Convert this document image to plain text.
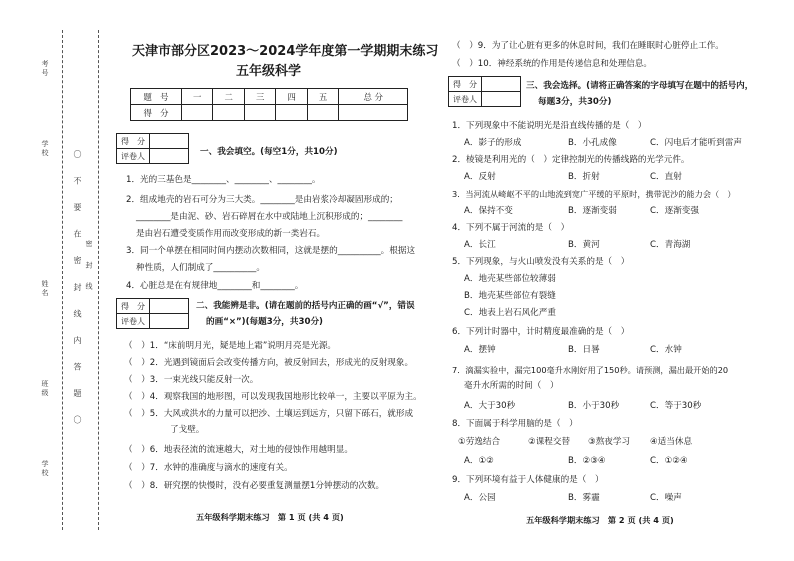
考号
学校
姓名
班级
学校
〇 不 要 在 密 封 线 内 答 题 〇 密 封 线
天津市部分区2023～2024学年度第一学期期末练习
五年级科学
题　号	一	二	三	四	五	总 分
得　分						
得　分	
评卷人		一、我会填空。(每空1分，共10分)
1．光的三基色是________、________、________。
2．组成地壳的岩石可分为三大类。________是由岩浆冷却凝固形成的；
________是由泥、砂、岩石碎屑在水中或陆地上沉积形成的；________
是由岩石遭受变质作用而改变形成的新一类岩石。
3．同一个单摆在相同时间内摆动次数相同，这就是摆的__________。根据这
种性质，人们制成了__________。
4．心脏总是在有规律地________和________。
得　分	
评卷人	
二、我能辨是非。(请在题前的括号内正确的画“√”，错误
的画“×”)(每题3分，共30分)
（　）1．“床前明月光，疑是地上霜”说明月亮是光源。
（　）2．光遇到镜面后会改变传播方向，被反射回去，形成光的反射现象。
（　）3．一束光线只能反射一次。
（　）4．观察我国的地形图，可以发现我国地形比较单一，主要以平原为主。
（　）5．大风或洪水的力量可以把沙、土壤运到远方，只留下砾石，就形成
了戈壁。
（　）6．地表径流的流速越大，对土地的侵蚀作用越明显。
（　）7．水钟的准确度与滴水的速度有关。
（　）8．研究摆的快慢时，没有必要重复测量摆1分钟摆动的次数。
五年级科学期末练习　第 1 页 (共 4 页)
（　）9．为了让心脏有更多的休息时间，我们在睡眠时心脏停止工作。
（　）10．神经系统的作用是传递信息和处理信息。
得　分	
评卷人	
三、我会选择。(请将正确答案的字母填写在题中的括号内，
每题3分，共30分)
1．下列现象中不能说明光是沿直线传播的是（　）
A．影子的形成	B．小孔成像	C．闪电后才能听到雷声
2．棱镜是利用光的（　）定律控制光的传播线路的光学元件。
A．反射	B．折射	C．直射
3．当河流从崎岖不平的山地流到宽广平缓的平原时，携带泥沙的能力会（　）
A．保持不变	B．逐渐变弱	C．逐渐变强
4．下列不属于河流的是（　）
A．长江	B．黄河	C．青海湖
5．下列现象，与火山喷发没有关系的是（　）
A．地壳某些部位较薄弱
B．地壳某些部位有裂缝
C．地表上岩石风化严重
6．下列计时器中，计时精度最准确的是（　）
A．摆钟	B．日晷	C．水钟
7．滴漏实验中，漏完100毫升水刚好用了150秒。请预测，漏出最开始的20
毫升水所需的时间（　）
A．大于30秒	B．小于30秒	C．等于30秒
8．下面属于科学用脑的是（　）
①劳逸结合	②课程交替 ③熬夜学习 ④适当休息
A．①②	B．②③④	C．①②④
9．下列环境有益于人体健康的是（　）
A．公园	B．雾霾	C．噪声
五年级科学期末练习　第 2 页 (共 4 页)
